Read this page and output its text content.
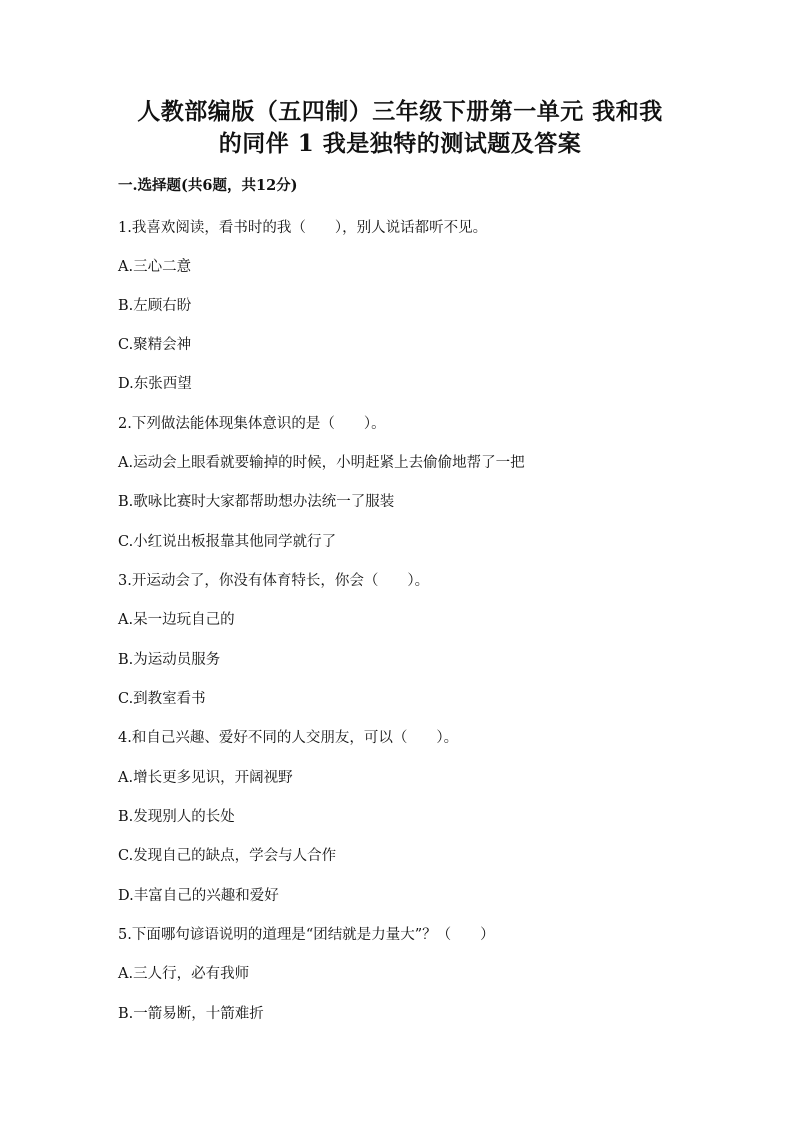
人教部编版（五四制）三年级下册第一单元 我和我
的同伴 1 我是独特的测试题及答案
一.选择题(共6题，共12分)
1.我喜欢阅读，看书时的我（　　），别人说话都听不见。
A.三心二意
B.左顾右盼
C.聚精会神
D.东张西望
2.下列做法能体现集体意识的是（　　）。
A.运动会上眼看就要输掉的时候，小明赶紧上去偷偷地帮了一把
B.歌咏比赛时大家都帮助想办法统一了服装
C.小红说出板报靠其他同学就行了
3.开运动会了，你没有体育特长，你会（　　）。
A.呆一边玩自己的
B.为运动员服务
C.到教室看书
4.和自己兴趣、爱好不同的人交朋友，可以（　　）。
A.增长更多见识，开阔视野
B.发现别人的长处
C.发现自己的缺点，学会与人合作
D.丰富自己的兴趣和爱好
5.下面哪句谚语说明的道理是“团结就是力量大”？（　　）
A.三人行，必有我师
B.一箭易断，十箭难折
